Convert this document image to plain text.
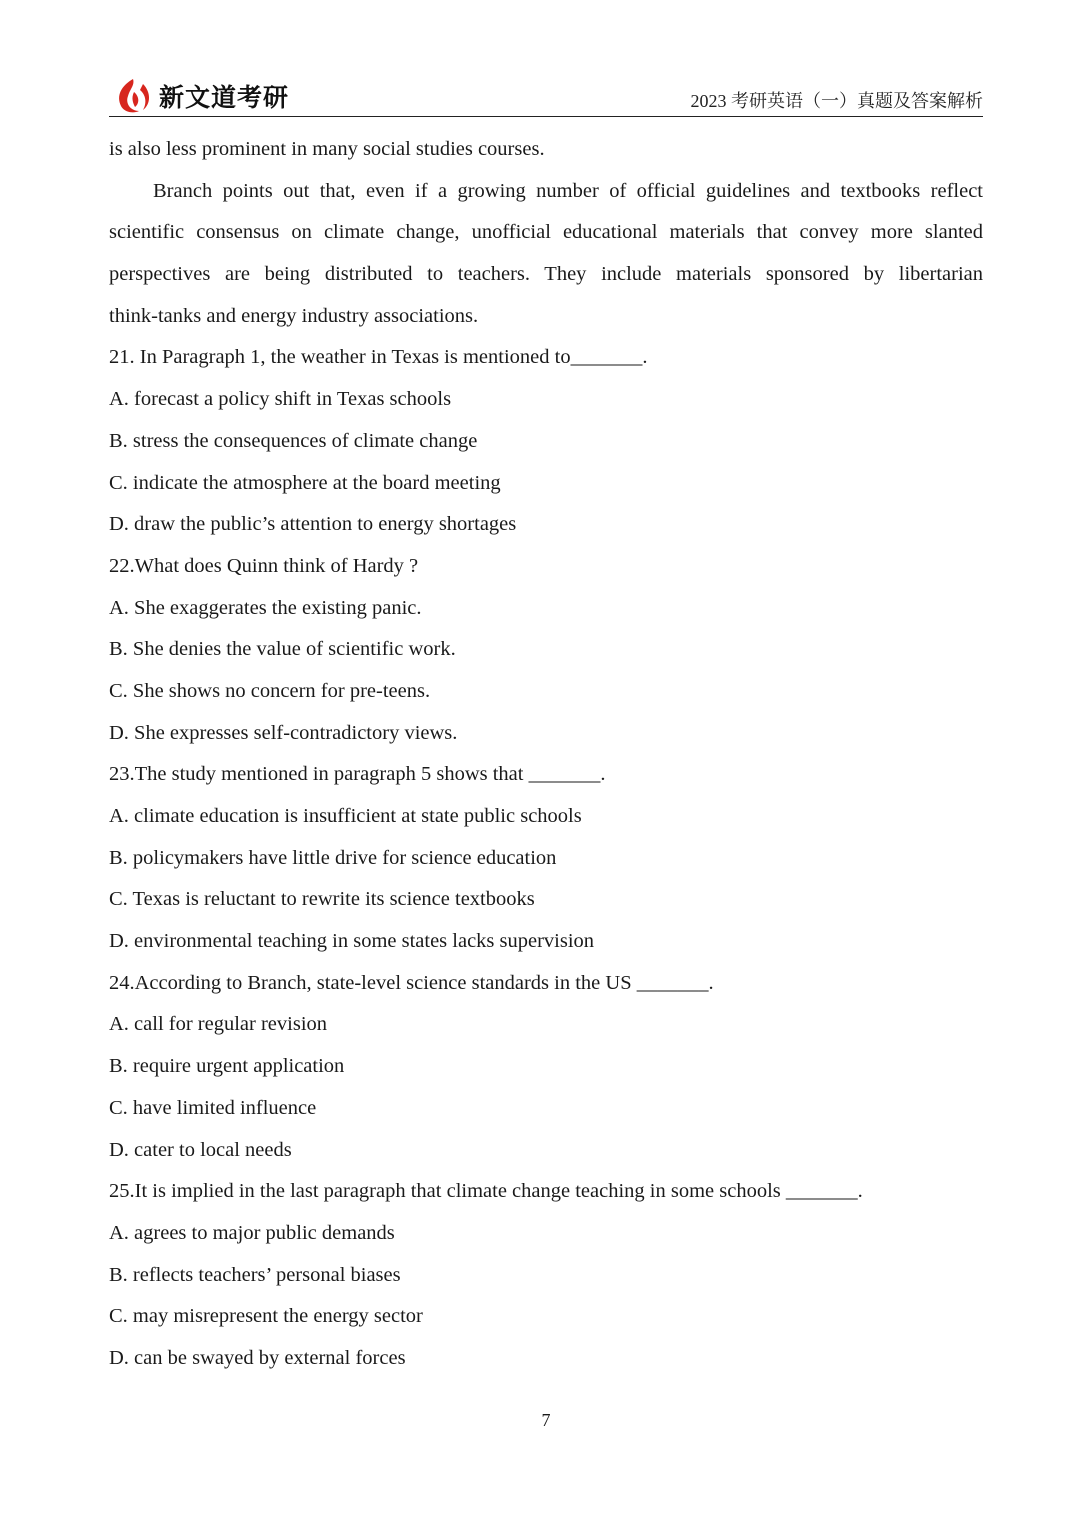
新文道考研	2023 考研英语（一）真题及答案解析
is also less prominent in many social studies courses.
Branch points out that, even if a growing number of official guidelines and textbooks reflect
scientific consensus on climate change, unofficial educational materials that convey more slanted
perspectives are being distributed to teachers. They include materials sponsored by libertarian
think-tanks and energy industry associations.
21. In Paragraph 1, the weather in Texas is mentioned to_______.
A. forecast a policy shift in Texas schools
B. stress the consequences of climate change
C. indicate the atmosphere at the board meeting
D. draw the public’s attention to energy shortages
22.What does Quinn think of Hardy ?
A. She exaggerates the existing panic.
B. She denies the value of scientific work.
C. She shows no concern for pre-teens.
D. She expresses self-contradictory views.
23.The study mentioned in paragraph 5 shows that _______.
A. climate education is insufficient at state public schools
B. policymakers have little drive for science education
C. Texas is reluctant to rewrite its science textbooks
D. environmental teaching in some states lacks supervision
24.According to Branch, state-level science standards in the US _______.
A. call for regular revision
B. require urgent application
C. have limited influence
D. cater to local needs
25.It is implied in the last paragraph that climate change teaching in some schools _______.
A. agrees to major public demands
B. reflects teachers’ personal biases
C. may misrepresent the energy sector
D. can be swayed by external forces
7
